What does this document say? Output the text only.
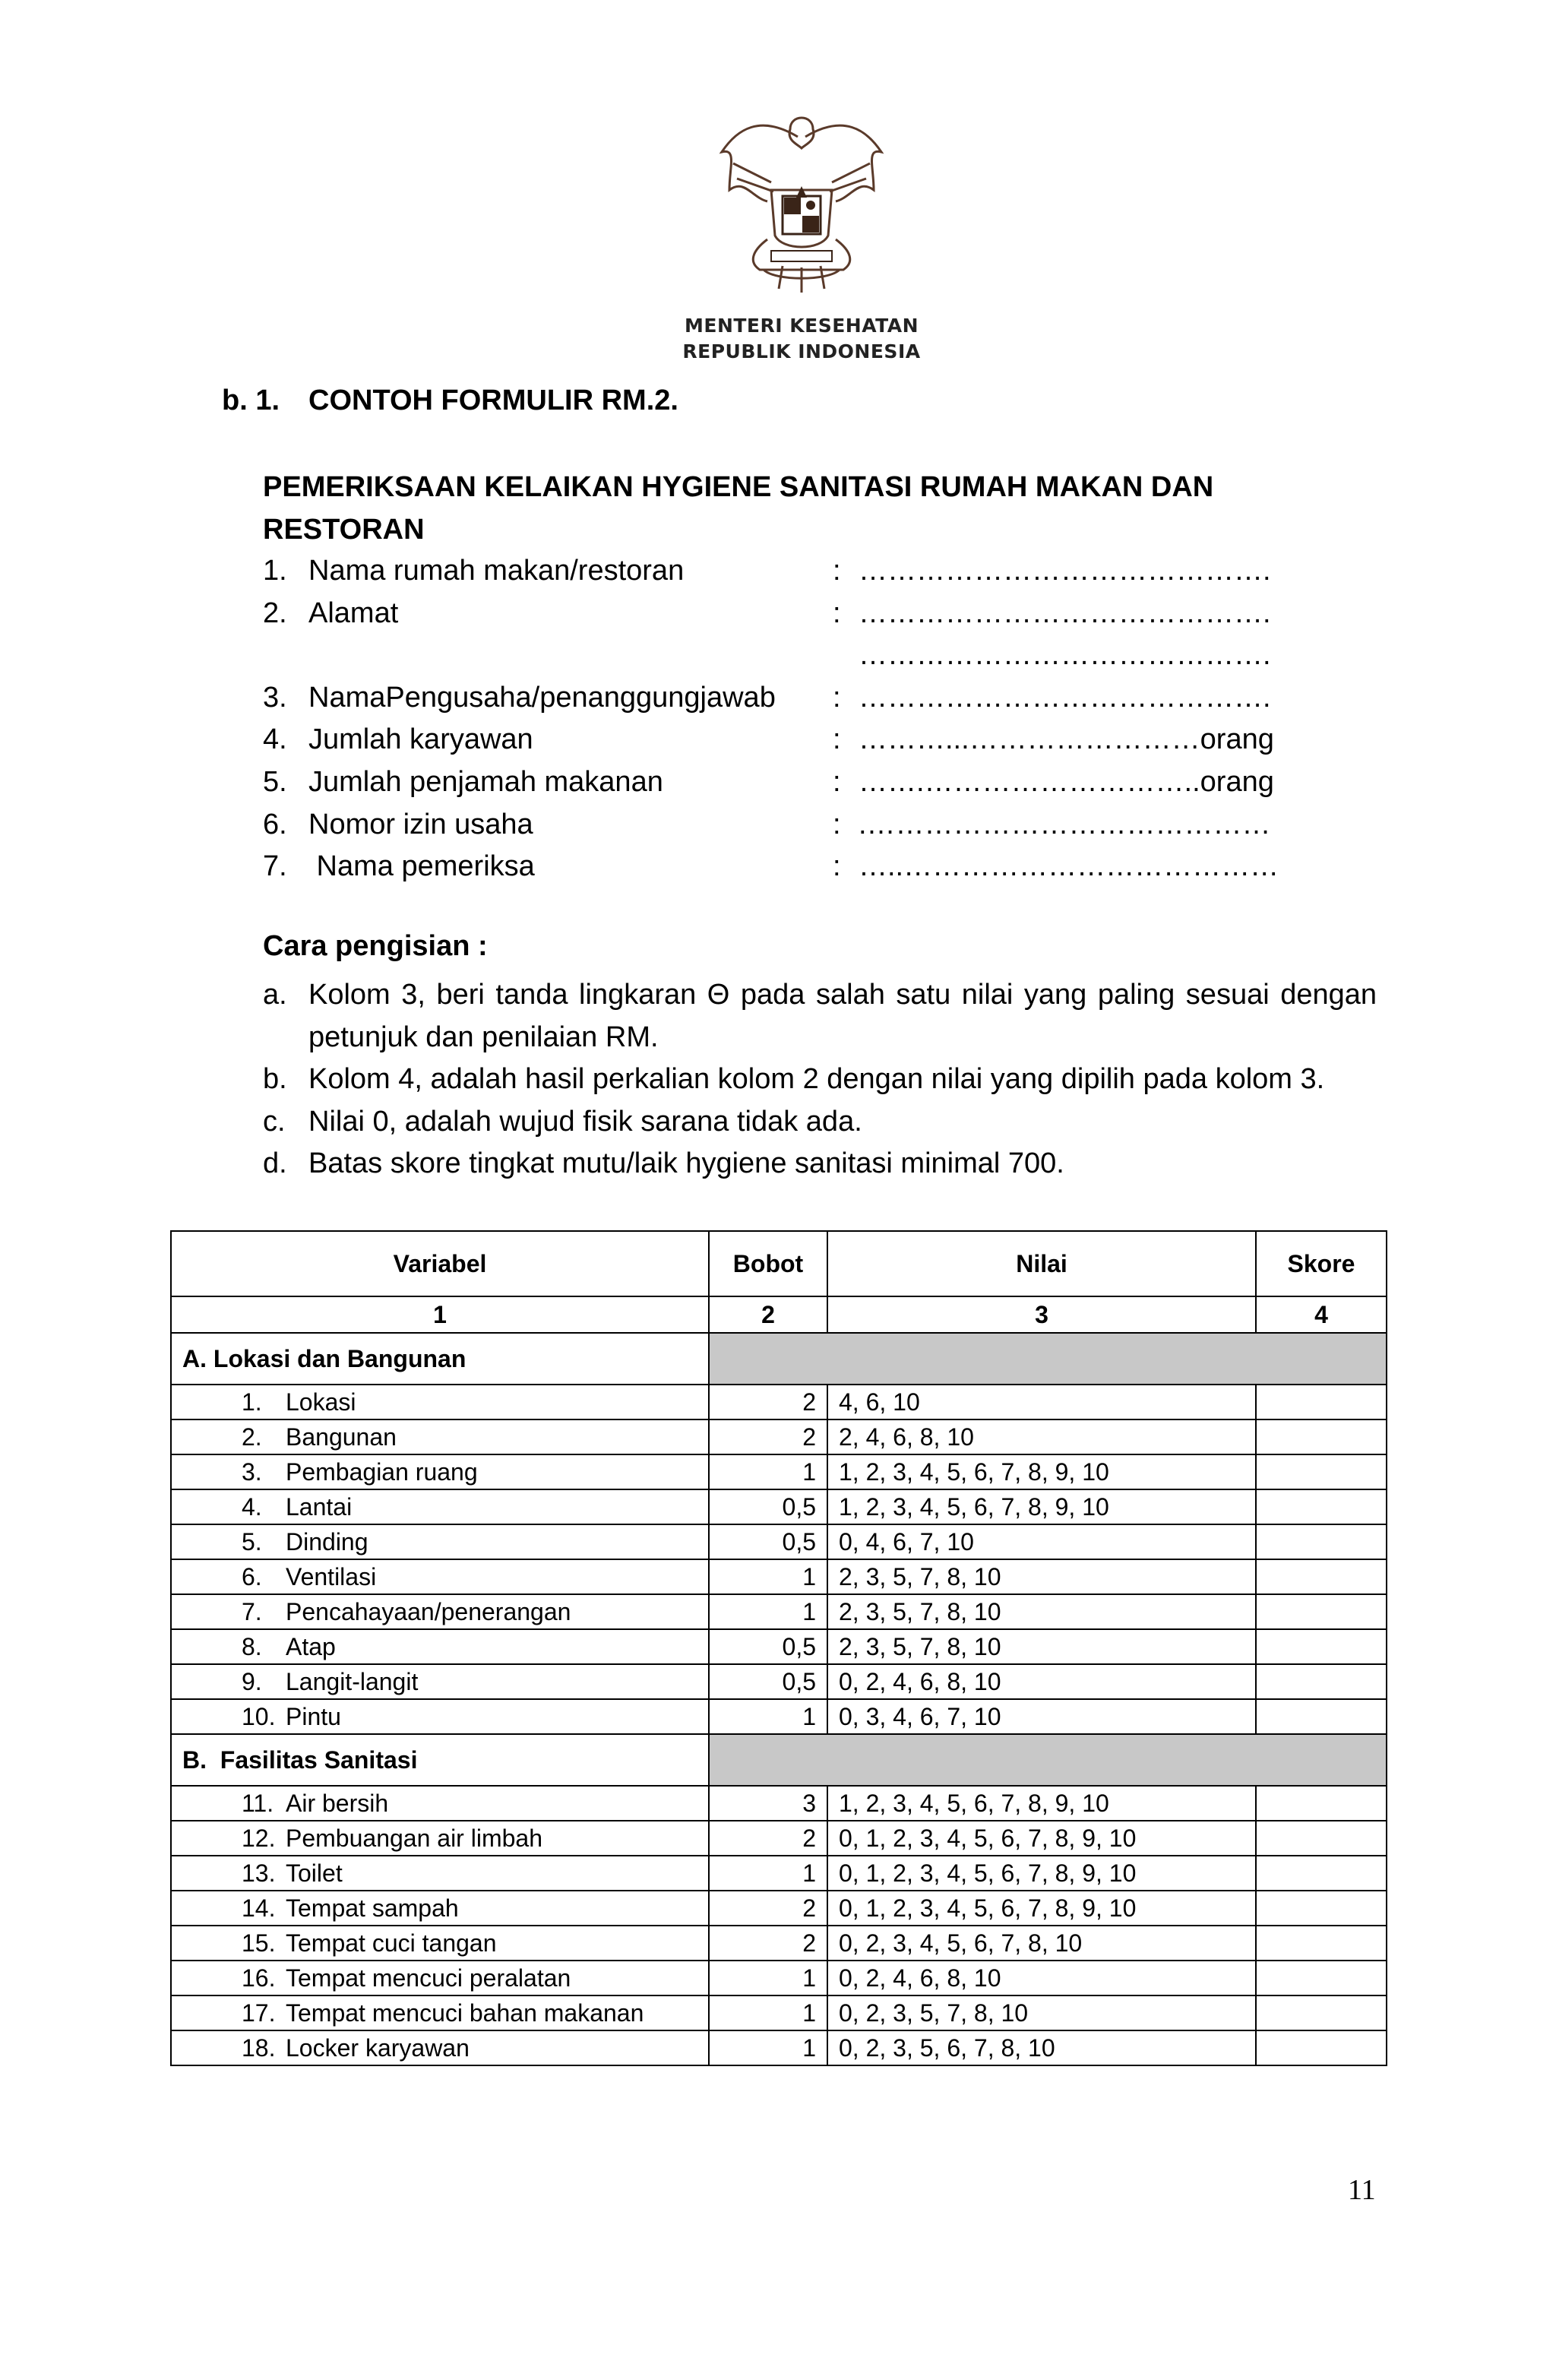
MENTERI KESEHATAN
REPUBLIK INDONESIA
b. 1. CONTOH FORMULIR RM.2.
PEMERIKSAAN KELAIKAN HYGIENE SANITASI RUMAH MAKAN DAN RESTORAN
1. Nama rumah makan/restoran	: …………………………………….
2. Alamat	: …………………………………….
…………………………………….
3. NamaPengusaha/penanggungjawab : …………………………………….
4. Jumlah karyawan	: ………...……………………orang
5. Jumlah penjamah makanan	: …….………………………..orang
6. Nomor izin usaha	: .……………………………………
7. Nama pemeriksa	: …..…………………………………
Cara pengisian :
a. Kolom 3, beri tanda lingkaran Θ pada salah satu nilai yang paling sesuai dengan petunjuk dan penilaian RM.
b. Kolom 4, adalah hasil perkalian kolom 2 dengan nilai yang dipilih pada kolom 3.
c. Nilai 0, adalah wujud fisik sarana tidak ada.
d. Batas skore tingkat mutu/laik hygiene sanitasi minimal 700.
Variabel	Bobot	Nilai	Skore
1	2	3	4
A. Lokasi dan Bangunan			
1. Lokasi	2	4, 6, 10	
2. Bangunan	2	2, 4, 6, 8, 10	
3. Pembagian ruang	1	1, 2, 3, 4, 5, 6, 7, 8, 9, 10	
4. Lantai	0,5	1, 2, 3, 4, 5, 6, 7, 8, 9, 10	
5. Dinding	0,5	0, 4, 6, 7, 10	
6. Ventilasi	1	2, 3, 5, 7, 8, 10	
7. Pencahayaan/penerangan	1	2, 3, 5, 7, 8, 10	
8. Atap	0,5	2, 3, 5, 7, 8, 10	
9. Langit-langit	0,5	0, 2, 4, 6, 8, 10	
10. Pintu	1	0, 3, 4, 6, 7, 10	
B.  Fasilitas Sanitasi			
11. Air bersih	3	1, 2, 3, 4, 5, 6, 7, 8, 9, 10	
12. Pembuangan air limbah	2	0, 1, 2, 3, 4, 5, 6, 7, 8, 9, 10	
13. Toilet	1	0, 1, 2, 3, 4, 5, 6, 7, 8, 9, 10	
14. Tempat sampah	2	0, 1, 2, 3, 4, 5, 6, 7, 8, 9, 10	
15. Tempat cuci tangan	2	0, 2, 3, 4, 5, 6, 7, 8, 10	
16. Tempat mencuci peralatan	1	0, 2, 4, 6, 8, 10	
17. Tempat mencuci bahan makanan	1	0, 2, 3, 5, 7, 8, 10	
18. Locker karyawan	1	0, 2, 3, 5, 6, 7, 8, 10	
11
